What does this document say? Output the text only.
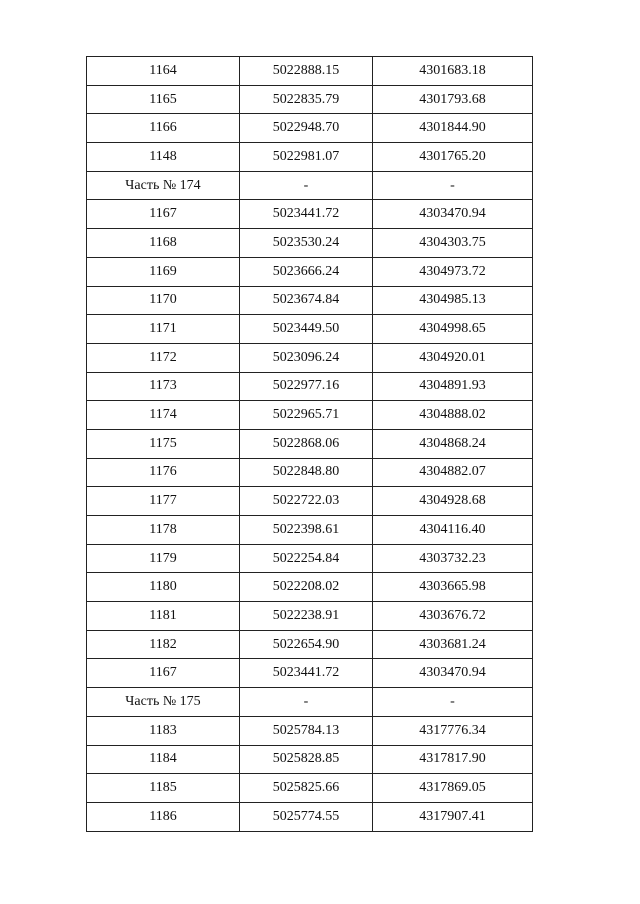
1164	5022888.15	4301683.18
1165	5022835.79	4301793.68
1166	5022948.70	4301844.90
1148	5022981.07	4301765.20
Часть № 174	-	-
1167	5023441.72	4303470.94
1168	5023530.24	4304303.75
1169	5023666.24	4304973.72
1170	5023674.84	4304985.13
1171	5023449.50	4304998.65
1172	5023096.24	4304920.01
1173	5022977.16	4304891.93
1174	5022965.71	4304888.02
1175	5022868.06	4304868.24
1176	5022848.80	4304882.07
1177	5022722.03	4304928.68
1178	5022398.61	4304116.40
1179	5022254.84	4303732.23
1180	5022208.02	4303665.98
1181	5022238.91	4303676.72
1182	5022654.90	4303681.24
1167	5023441.72	4303470.94
Часть № 175	-	-
1183	5025784.13	4317776.34
1184	5025828.85	4317817.90
1185	5025825.66	4317869.05
1186	5025774.55	4317907.41
